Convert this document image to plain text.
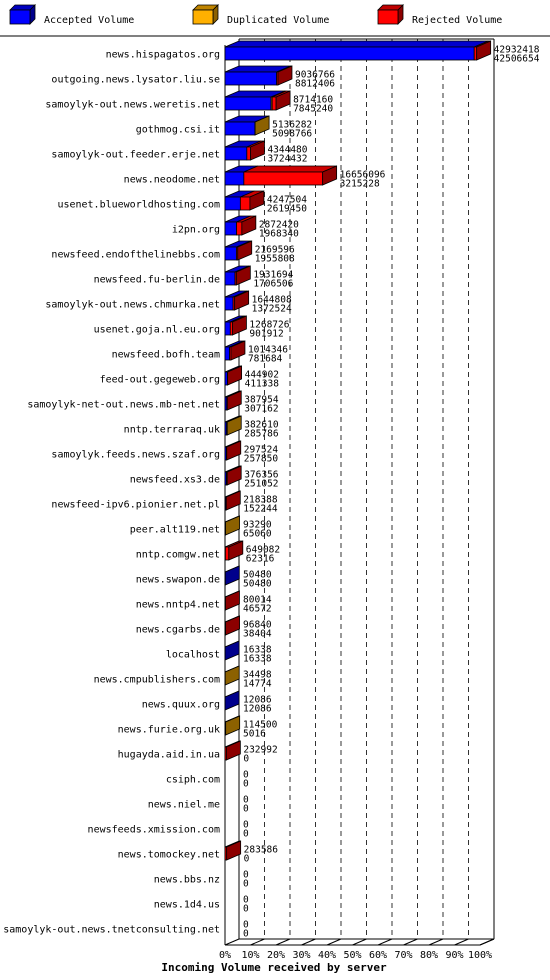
Accepted Volume	Duplicated Volume	Rejected Volume
news.hispagatos.org
outgoing.news.lysator.liu.se
samoylyk-out.news.weretis.net
gothmog.csi.it
samoylyk-out.feeder.erje.net
news.neodome.net
usenet.blueworldhosting.com
i2pn.org
newsfeed.endofthelinebbs.com
newsfeed.fu-berlin.de
samoylyk-out.news.chmurka.net
usenet.goja.nl.eu.org
newsfeed.bofh.team
feed-out.gegeweb.org
samoylyk-net-out.news.mb-net.net
nntp.terraraq.uk
samoylyk.feeds.news.szaf.org
newsfeed.xs3.de
newsfeed-ipv6.pionier.net.pl
peer.alt119.net
nntp.comgw.net
news.swapon.de
news.nntp4.net
news.cgarbs.de
localhost
news.cmpublishers.com
news.quux.org
news.furie.org.uk
hugayda.aid.in.ua
csiph.com
news.niel.me
newsfeeds.xmission.com
news.tomockey.net
news.bbs.nz
news.1d4.us
samoylyk-out.news.tnetconsulting.net
42932418
42506654
9036766
8812406
8714160
7845240
5136282
5098766
4344480
3724432
16656096
3215228
4247504
2619450
2872420
1968340
2169596
1955808
1931694
1706506
1644808
1372524
1268726
901912
1014346
781684
444902
411338
387954
307162
382610
285786
297524
257850
376356
251052
218388
152244
93290
65060
649082
62316
50480
50480
80014
46572
96840
38404
16338
16338
34498
14774
12086
12086
114500
5016
232992
0
0
0
0
0
0
0
283586
0
0
0
0
0
0
0
0% 10% 20% 30% 40% 50% 60% 70% 80% 90% 100%
Incoming Volume received by server
